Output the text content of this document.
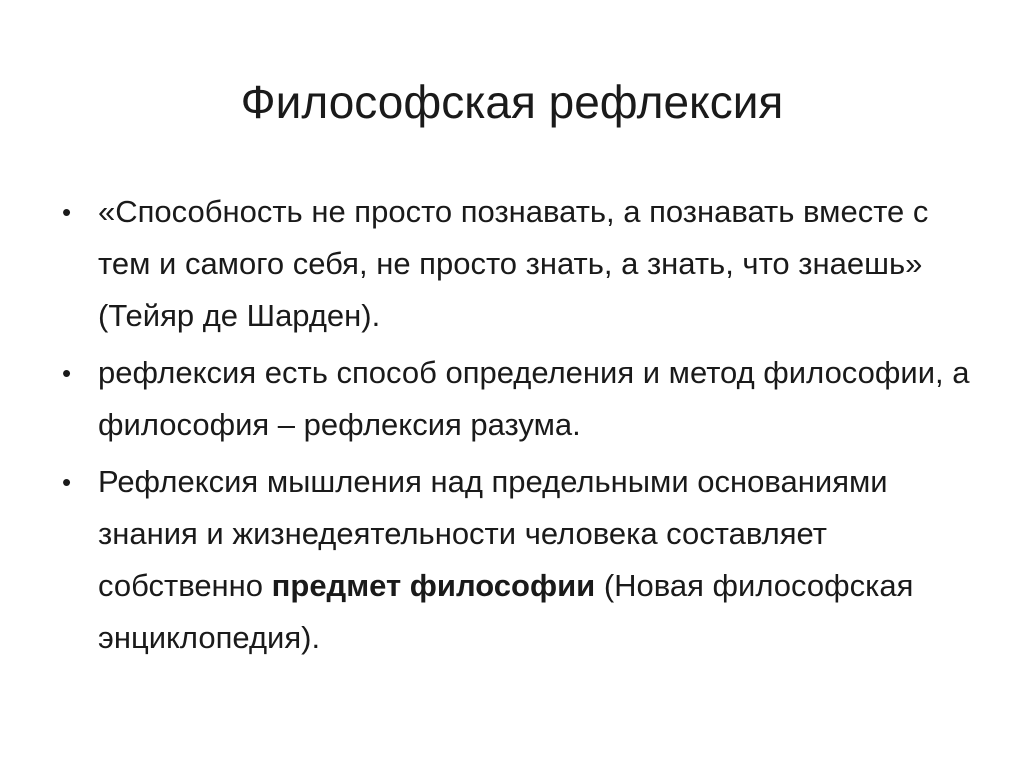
Философская рефлексия
• «Способность не просто познавать, а познавать вместе с тем и самого себя, не просто знать, а знать, что знаешь» (Тейяр де Шарден).
• рефлексия есть способ определения и метод философии, а философия – рефлексия разума.
• Рефлексия мышления над предельными основаниями знания и жизнедеятельности человека составляет собственно предмет философии (Новая философская энциклопедия).
